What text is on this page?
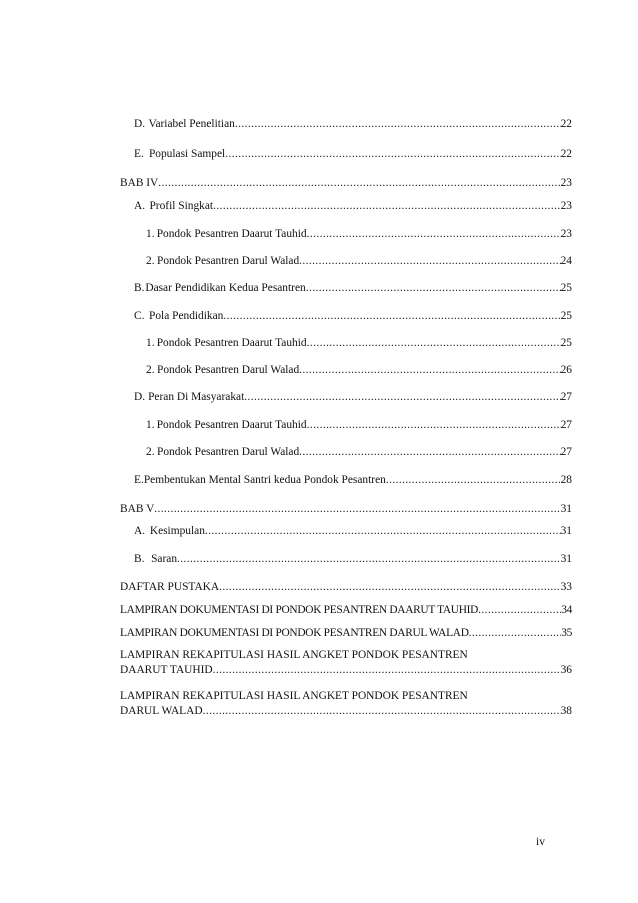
D. Variabel Penelitian .....	22
E. Populasi Sampel .....	22
BAB IV .....	23
A. Profil Singkat .....	23
1. Pondok Pesantren Daarut Tauhid .....	23
2. Pondok Pesantren Darul Walad .....	24
B. Dasar Pendidikan Kedua Pesantren .....	25
C. Pola Pendidikan .....	25
1. Pondok Pesantren Daarut Tauhid .....	25
2. Pondok Pesantren Darul Walad .....	26
D. Peran Di Masyarakat .....	27
1. Pondok Pesantren Daarut Tauhid .....	27
2. Pondok Pesantren Darul Walad .....	27
E. Pembentukan Mental Santri kedua Pondok Pesantren .....	28
BAB V .....	31
A. Kesimpulan .....	31
B. Saran .....	31
DAFTAR PUSTAKA .....	33
LAMPIRAN DOKUMENTASI DI PONDOK PESANTREN DAARUT TAUHID .....	34
LAMPIRAN DOKUMENTASI DI PONDOK PESANTREN DARUL WALAD .....	35
LAMPIRAN REKAPITULASI HASIL ANGKET PONDOK PESANTREN
DAARUT TAUHID .....	36
LAMPIRAN REKAPITULASI HASIL ANGKET PONDOK PESANTREN
DARUL WALAD .....	38
iv
